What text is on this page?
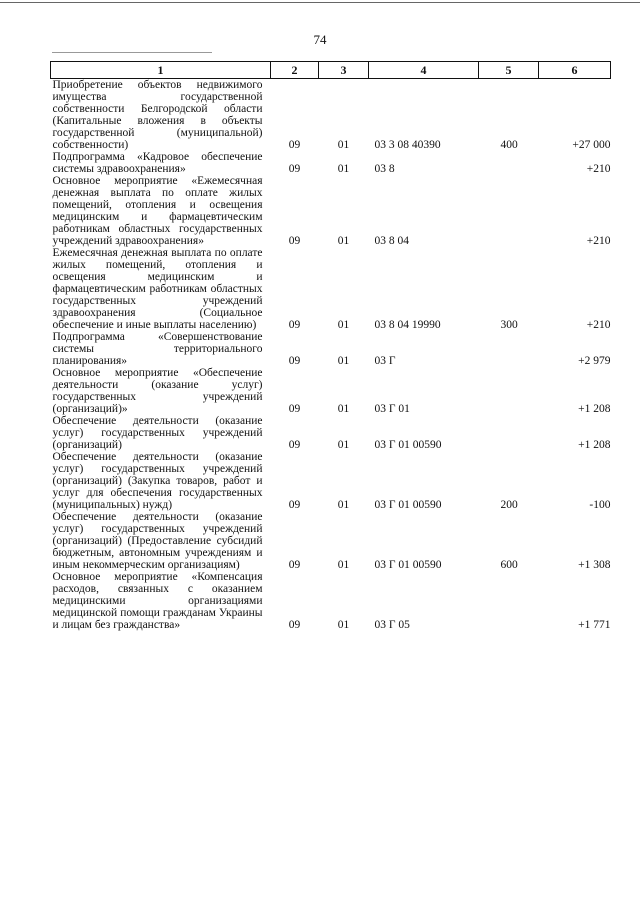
74
1	2	3	4	5	6
Приобретение объектов недвижимого имущества государственной собственности Белгородской области (Капитальные вложения в объекты государственной (муниципальной) собственности)	09	01	03 3 08 40390	400	+27 000
Подпрограмма «Кадровое обеспечение системы здравоохранения»	09	01	03 8		+210
Основное мероприятие «Ежемесячная денежная выплата по оплате жилых помещений, отопления и освещения медицинским и фармацевтическим работникам областных государственных учреждений здравоохранения»	09	01	03 8 04		+210
Ежемесячная денежная выплата по оплате жилых помещений, отопления и освещения медицинским и фармацевтическим работникам областных государственных учреждений здравоохранения (Социальное обеспечение и иные выплаты населению)	09	01	03 8 04 19990	300	+210
Подпрограмма «Совершенствование системы территориального планирования»	09	01	03 Г		+2 979
Основное мероприятие «Обеспечение деятельности (оказание услуг) государственных учреждений (организаций)»	09	01	03 Г 01		+1 208
Обеспечение деятельности (оказание услуг) государственных учреждений (организаций)	09	01	03 Г 01 00590		+1 208
Обеспечение деятельности (оказание услуг) государственных учреждений (организаций) (Закупка товаров, работ и услуг для обеспечения государственных (муниципальных) нужд)	09	01	03 Г 01 00590	200	-100
Обеспечение деятельности (оказание услуг) государственных учреждений (организаций) (Предоставление субсидий бюджетным, автономным учреждениям и иным некоммерческим организациям)	09	01	03 Г 01 00590	600	+1 308
Основное мероприятие «Компенсация расходов, связанных с оказанием медицинскими организациями медицинской помощи гражданам Украины и лицам без гражданства»	09	01	03 Г 05		+1 771
